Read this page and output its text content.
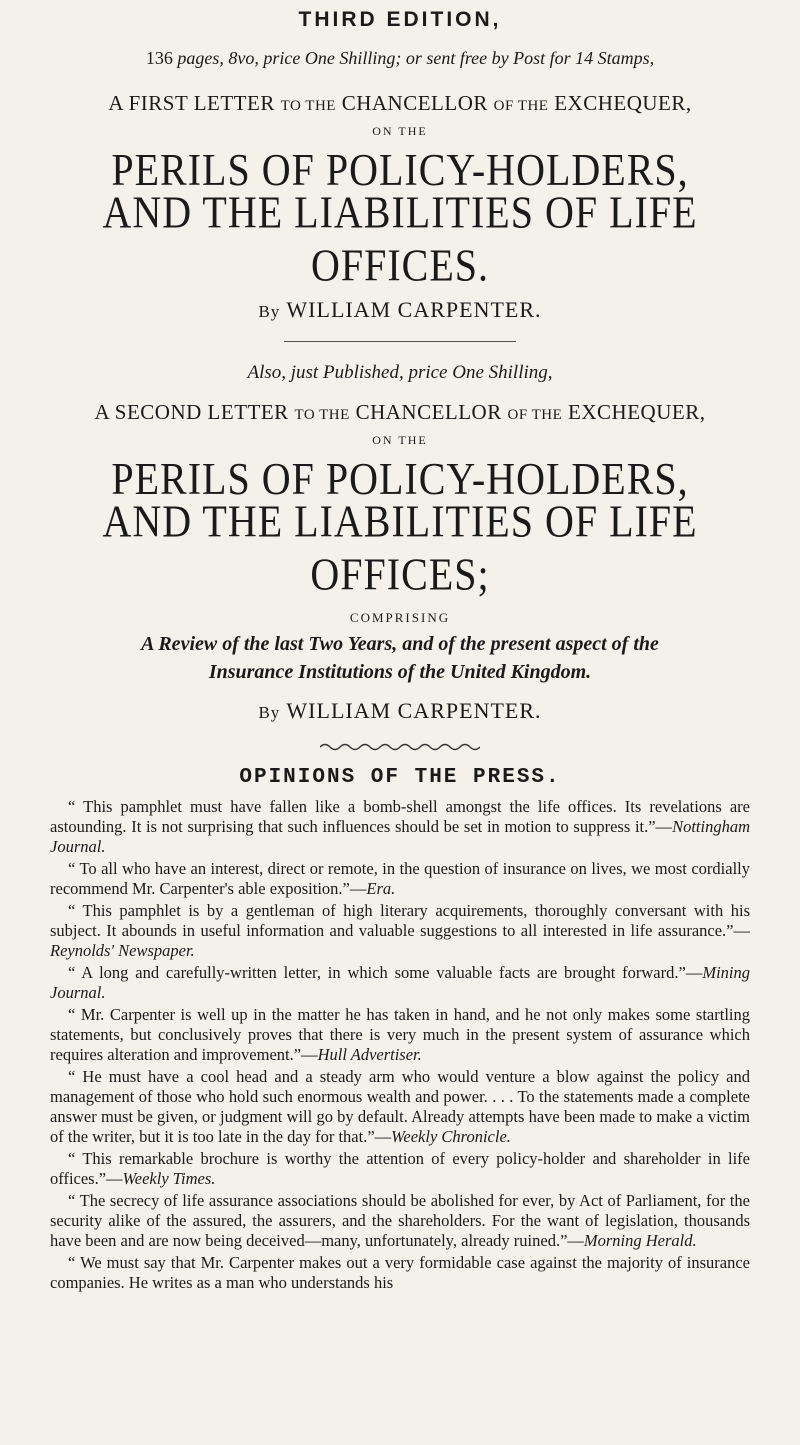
THIRD EDITION,
136 pages, 8vo, price One Shilling; or sent free by Post for 14 Stamps,
A FIRST LETTER TO THE CHANCELLOR OF THE EXCHEQUER,
ON THE
PERILS OF POLICY-HOLDERS,
AND THE LIABILITIES OF LIFE OFFICES.
By WILLIAM CARPENTER.
Also, just Published, price One Shilling,
A SECOND LETTER TO THE CHANCELLOR OF THE EXCHEQUER,
ON THE
PERILS OF POLICY-HOLDERS,
AND THE LIABILITIES OF LIFE OFFICES;
COMPRISING
A Review of the last Two Years, and of the present aspect of the
Insurance Institutions of the United Kingdom.
By WILLIAM CARPENTER.
OPINIONS OF THE PRESS.

“ This pamphlet must have fallen like a bomb-shell amongst the life offices. Its revelations are astounding. It is not surprising that such influences should be set in motion to suppress it.”—Nottingham Journal.

“ To all who have an interest, direct or remote, in the question of insurance on lives, we most cordially recommend Mr. Carpenter's able exposition.”—Era.

“ This pamphlet is by a gentleman of high literary acquirements, thoroughly conversant with his subject. It abounds in useful information and valuable suggestions to all interested in life assurance.”—Reynolds' Newspaper.

“ A long and carefully-written letter, in which some valuable facts are brought forward.”—Mining Journal.

“ Mr. Carpenter is well up in the matter he has taken in hand, and he not only makes some startling statements, but conclusively proves that there is very much in the present system of assurance which requires alteration and improvement.”—Hull Advertiser.

“ He must have a cool head and a steady arm who would venture a blow against the policy and management of those who hold such enormous wealth and power. . . . To the statements made a complete answer must be given, or judgment will go by default. Already attempts have been made to make a victim of the writer, but it is too late in the day for that.”—Weekly Chronicle.

“ This remarkable brochure is worthy the attention of every policy-holder and shareholder in life offices.”—Weekly Times.

“ The secrecy of life assurance associations should be abolished for ever, by Act of Parliament, for the security alike of the assured, the assurers, and the shareholders. For the want of legislation, thousands have been and are now being deceived—many, unfortunately, already ruined.”—Morning Herald.

“ We must say that Mr. Carpenter makes out a very formidable case against the majority of insurance companies. He writes as a man who understands his
